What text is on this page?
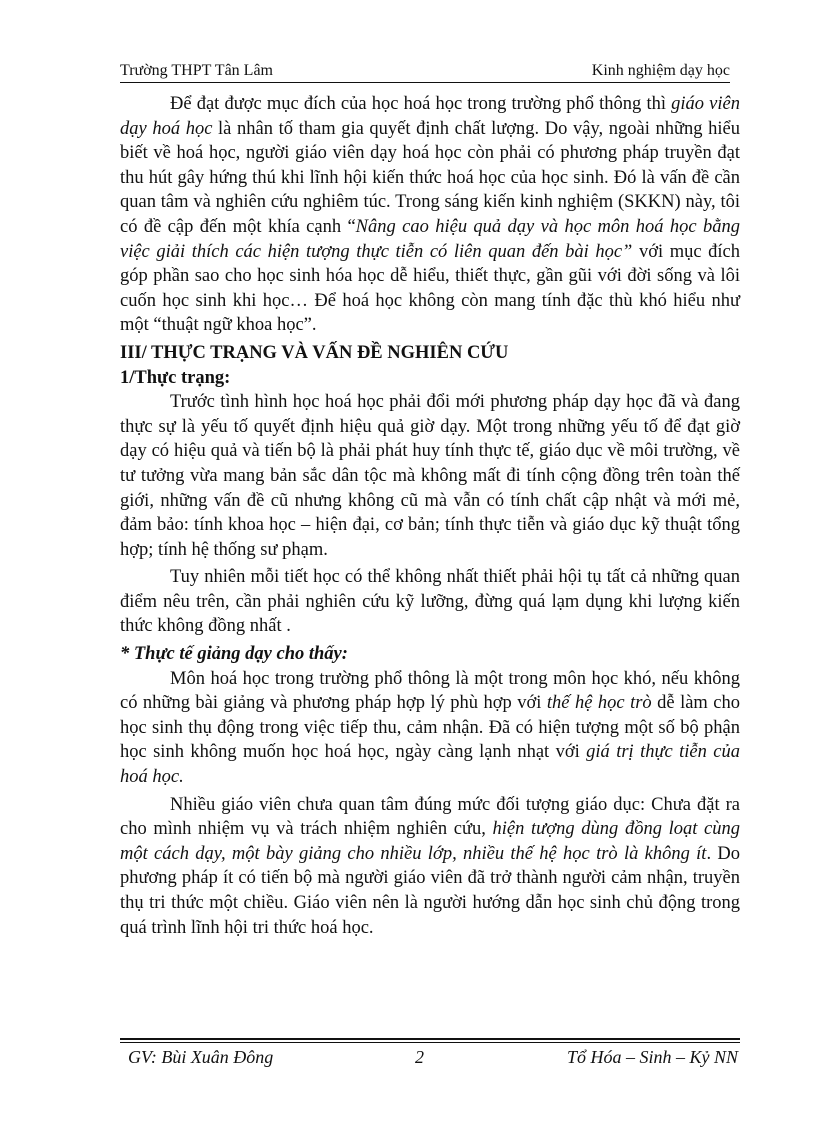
Trường THPT Tân Lâm	Kinh nghiệm dạy học

Để đạt được mục đích của học hoá học trong trường phổ thông thì giáo viên dạy hoá học là nhân tố tham gia quyết định chất lượng. Do vậy, ngoài những hiểu biết về hoá học, người giáo viên dạy hoá học còn phải có phương pháp truyền đạt thu hút gây hứng thú khi lĩnh hội kiến thức hoá học của học sinh. Đó là vấn đề cần quan tâm và nghiên cứu nghiêm túc. Trong sáng kiến kinh nghiệm (SKKN) này, tôi có đề cập đến một khía cạnh “Nâng cao hiệu quả dạy và học môn hoá học bằng việc giải thích các hiện tượng thực tiễn có liên quan đến bài học” với mục đích góp phần sao cho học sinh hóa học dễ hiểu, thiết thực, gần gũi với đời sống và lôi cuốn học sinh khi học… Để hoá học không còn mang tính đặc thù khó hiểu như một “thuật ngữ khoa học”.

III/ THỰC TRẠNG VÀ VẤN ĐỀ NGHIÊN CỨU
1/Thực trạng:

Trước tình hình học hoá học phải đổi mới phương pháp dạy học đã và đang thực sự là yếu tố quyết định hiệu quả giờ dạy. Một trong những yếu tố để đạt giờ dạy có hiệu quả và tiến bộ là phải phát huy tính thực tế, giáo dục về môi trường, về tư tưởng vừa mang bản sắc dân tộc mà không mất đi tính cộng đồng trên toàn thế giới, những vấn đề cũ nhưng không cũ mà vẫn có tính chất cập nhật và mới mẻ, đảm bảo: tính khoa học – hiện đại, cơ bản; tính thực tiễn và giáo dục kỹ thuật tổng hợp; tính hệ thống sư phạm.

Tuy nhiên mỗi tiết học có thể không nhất thiết phải hội tụ tất cả những quan điểm nêu trên, cần phải nghiên cứu kỹ lưỡng, đừng quá lạm dụng khi lượng kiến thức không đồng nhất .

* Thực tế giảng dạy cho thấy:

Môn hoá học trong trường phổ thông là một trong môn học khó, nếu không có những bài giảng và phương pháp hợp lý phù hợp với thế hệ học trò dễ làm cho học sinh thụ động trong việc tiếp thu, cảm nhận. Đã có hiện tượng một số bộ phận học sinh không muốn học hoá học, ngày càng lạnh nhạt với giá trị thực tiễn của hoá học.

Nhiều giáo viên chưa quan tâm đúng mức đối tượng giáo dục: Chưa đặt ra cho mình nhiệm vụ và trách nhiệm nghiên cứu, hiện tượng dùng đồng loạt cùng một cách dạy, một bày giảng cho nhiều lớp, nhiều thế hệ học trò là không ít. Do phương pháp ít có tiến bộ mà người giáo viên đã trở thành người cảm nhận, truyền thụ tri thức một chiều. Giáo viên nên là người hướng dẫn học sinh chủ động trong quá trình lĩnh hội tri thức hoá học.

GV: Bùi Xuân Đông	2	Tổ Hóa – Sinh – Kỷ NN
